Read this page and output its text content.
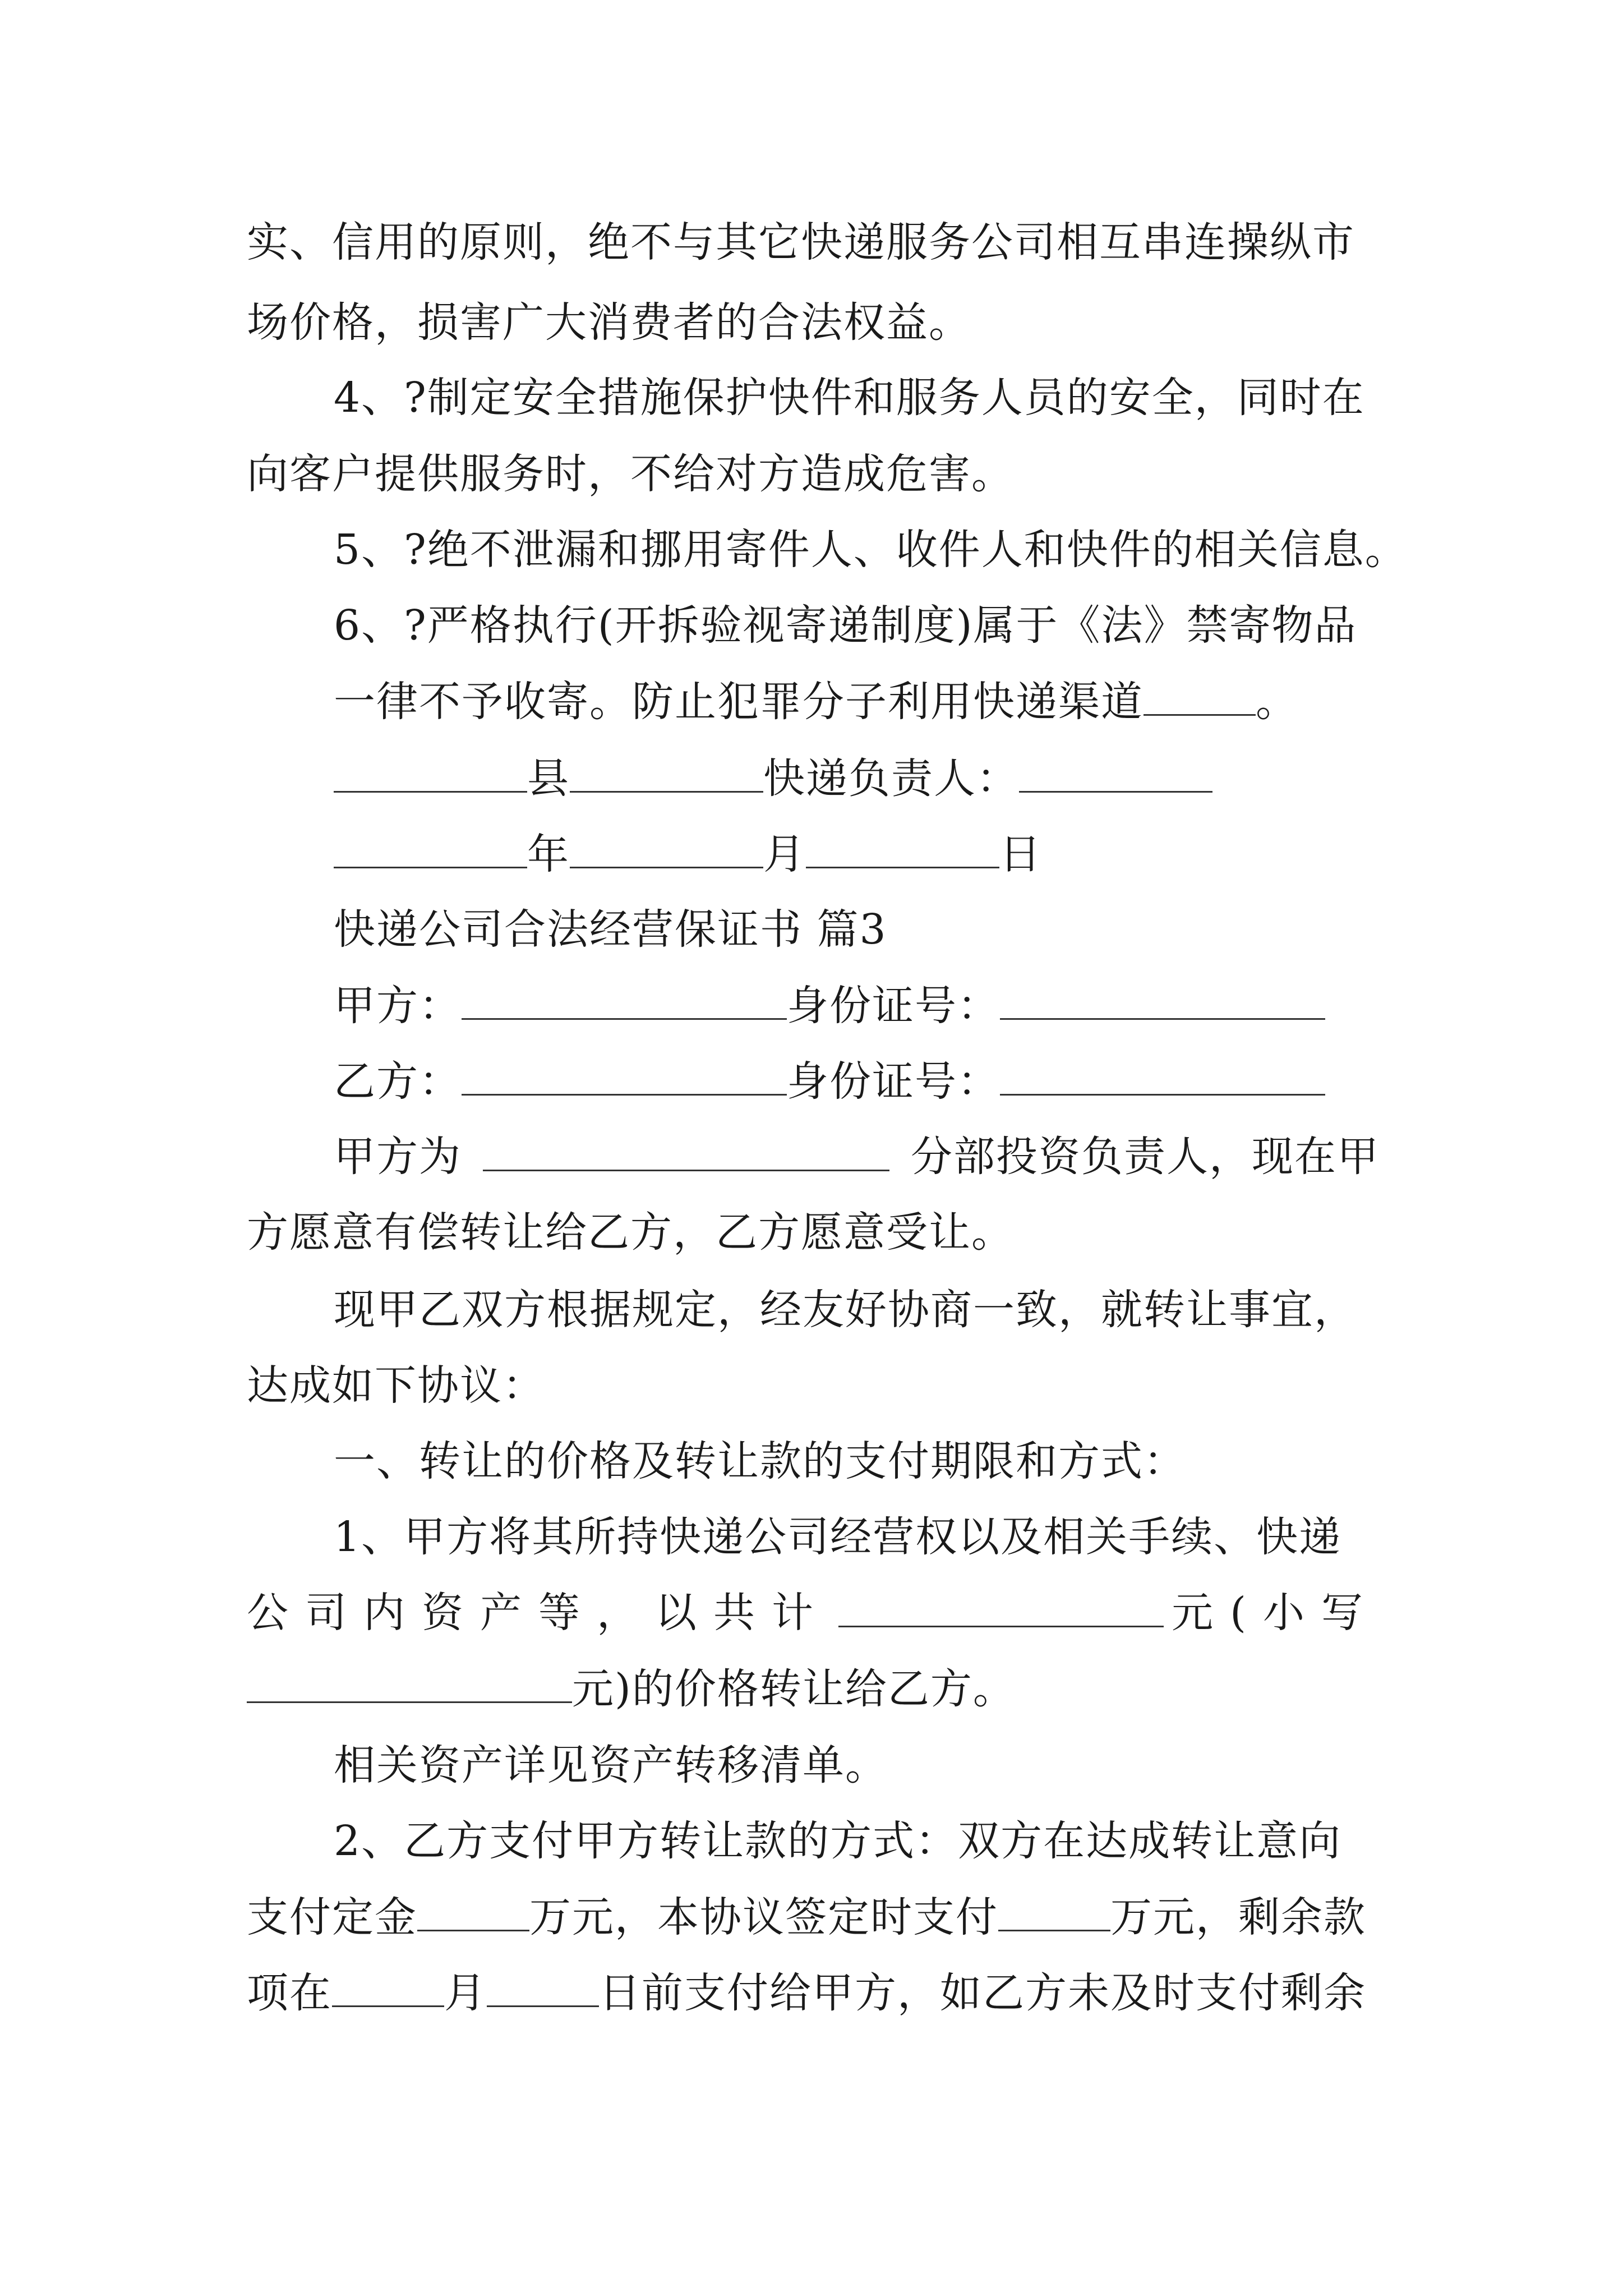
实、信用的原则，绝不与其它快递服务公司相互串连操纵市
场价格，损害广大消费者的合法权益。
4、?制定安全措施保护快件和服务人员的安全，同时在
向客户提供服务时，不给对方造成危害。
5、?绝不泄漏和挪用寄件人、收件人和快件的相关信息。
6、?严格执行(开拆验视寄递制度)属于《法》禁寄物品
一律不予收寄。防止犯罪分子利用快递渠道	。
县	快递负责人：
年	月	日
快递公司合法经营保证书 篇3
甲方：	身份证号：
乙方：	身份证号：
甲方为	分部投资负责人，现在甲
方愿意有偿转让给乙方，乙方愿意受让。
现甲乙双方根据规定，经友好协商一致，就转让事宜，
达成如下协议：
一、转让的价格及转让款的支付期限和方式：
1、甲方将其所持快递公司经营权以及相关手续、快递
公司内资产等，以共计	元(小写
元)的价格转让给乙方。
相关资产详见资产转移清单。
2、乙方支付甲方转让款的方式：双方在达成转让意向
支付定金	万元，本协议签定时支付	万元，剩余款
项在	月	日前支付给甲方，如乙方未及时支付剩余
